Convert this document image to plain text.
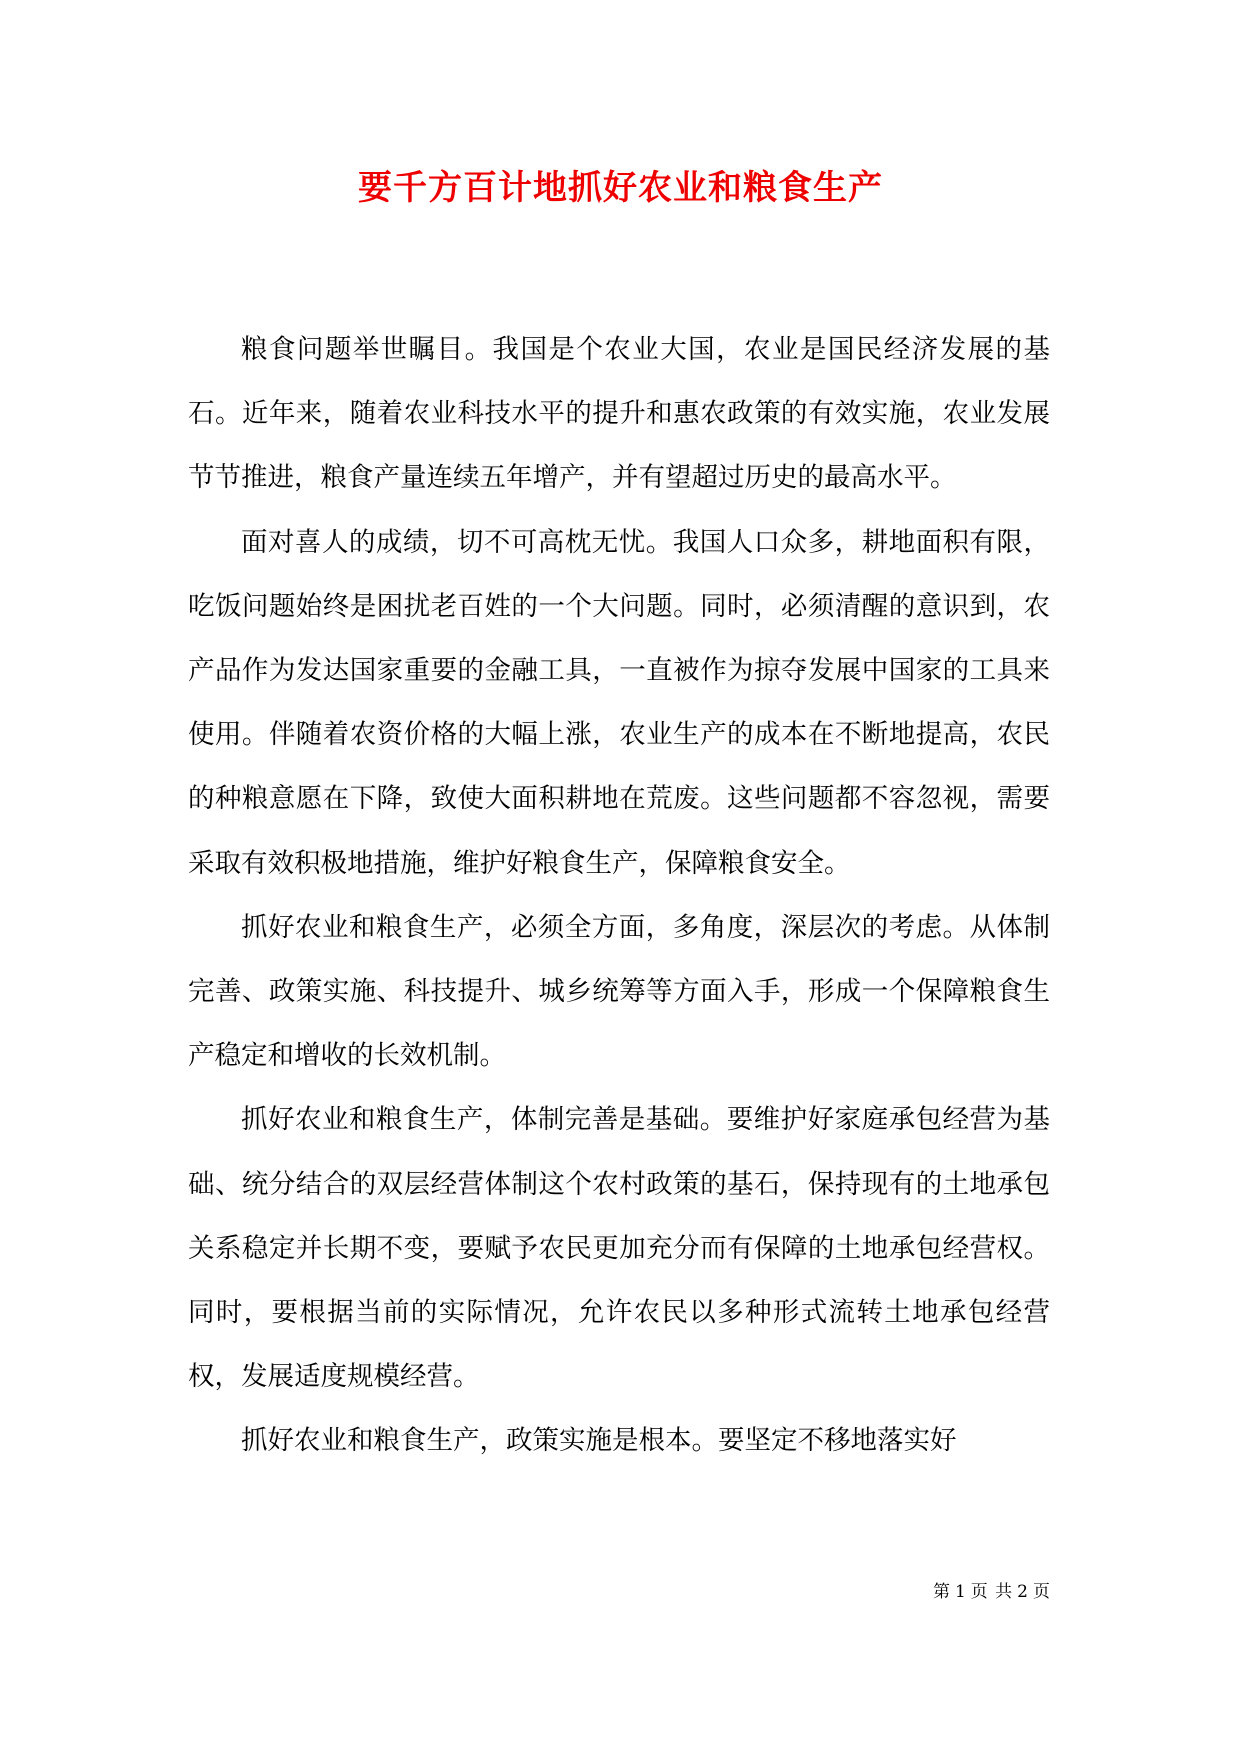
要千方百计地抓好农业和粮食生产

粮食问题举世瞩目。我国是个农业大国，农业是国民经济发展的基石。近年来，随着农业科技水平的提升和惠农政策的有效实施，农业发展节节推进，粮食产量连续五年增产，并有望超过历史的最高水平。

面对喜人的成绩，切不可高枕无忧。我国人口众多，耕地面积有限，吃饭问题始终是困扰老百姓的一个大问题。同时，必须清醒的意识到，农产品作为发达国家重要的金融工具，一直被作为掠夺发展中国家的工具来使用。伴随着农资价格的大幅上涨，农业生产的成本在不断地提高，农民的种粮意愿在下降，致使大面积耕地在荒废。这些问题都不容忽视，需要采取有效积极地措施，维护好粮食生产，保障粮食安全。

抓好农业和粮食生产，必须全方面，多角度，深层次的考虑。从体制完善、政策实施、科技提升、城乡统筹等方面入手，形成一个保障粮食生产稳定和增收的长效机制。

抓好农业和粮食生产，体制完善是基础。要维护好家庭承包经营为基础、统分结合的双层经营体制这个农村政策的基石，保持现有的土地承包关系稳定并长期不变，要赋予农民更加充分而有保障的土地承包经营权。同时，要根据当前的实际情况，允许农民以多种形式流转土地承包经营权，发展适度规模经营。

抓好农业和粮食生产，政策实施是根本。要坚定不移地落实好

第 1 页 共 2 页
